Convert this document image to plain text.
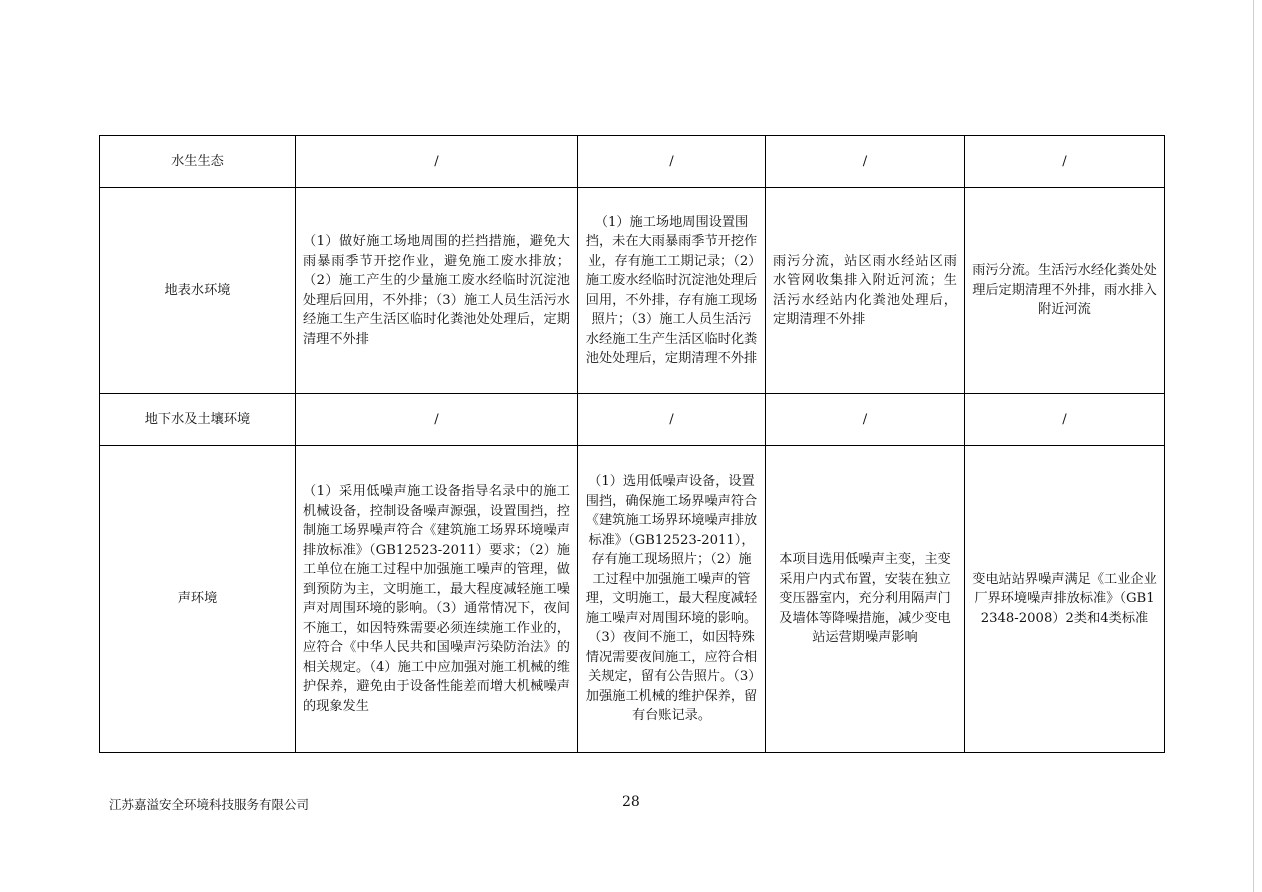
水生生态	/	/	/	/
地表水环境	（1）做好施工场地周围的拦挡措施，避免大雨暴雨季节开挖作业，避免施工废水排放；（2）施工产生的少量施工废水经临时沉淀池处理后回用，不外排；（3）施工人员生活污水经施工生产生活区临时化粪池处处理后，定期清理不外排	（1）施工场地周围设置围挡，未在大雨暴雨季节开挖作业，存有施工工期记录；（2）施工废水经临时沉淀池处理后回用，不外排，存有施工现场照片；（3）施工人员生活污水经施工生产生活区临时化粪池处处理后，定期清理不外排	雨污分流，站区雨水经站区雨水管网收集排入附近河流；生活污水经站内化粪池处理后，定期清理不外排	雨污分流。生活污水经化粪处处理后定期清理不外排，雨水排入附近河流
地下水及土壤环境	/	/	/	/
声环境	（1）采用低噪声施工设备指导名录中的施工机械设备，控制设备噪声源强，设置围挡，控制施工场界噪声符合《建筑施工场界环境噪声排放标准》（GB12523-2011）要求；（2）施工单位在施工过程中加强施工噪声的管理，做到预防为主，文明施工，最大程度减轻施工噪声对周围环境的影响。（3）通常情况下，夜间不施工，如因特殊需要必须连续施工作业的，应符合《中华人民共和国噪声污染防治法》的相关规定。（4）施工中应加强对施工机械的维护保养，避免由于设备性能差而增大机械噪声的现象发生	（1）选用低噪声设备，设置围挡，确保施工场界噪声符合《建筑施工场界环境噪声排放标准》（GB12523-2011），存有施工现场照片；（2）施工过程中加强施工噪声的管理，文明施工，最大程度减轻施工噪声对周围环境的影响。（3）夜间不施工，如因特殊情况需要夜间施工，应符合相关规定，留有公告照片。（3）加强施工机械的维护保养，留有台账记录。	本项目选用低噪声主变，主变采用户内式布置，安装在独立变压器室内，充分利用隔声门及墙体等降噪措施，减少变电站运营期噪声影响	变电站站界噪声满足《工业企业厂界环境噪声排放标准》（GB12348-2008）2类和4类标准
江苏嘉溢安全环境科技服务有限公司	28
